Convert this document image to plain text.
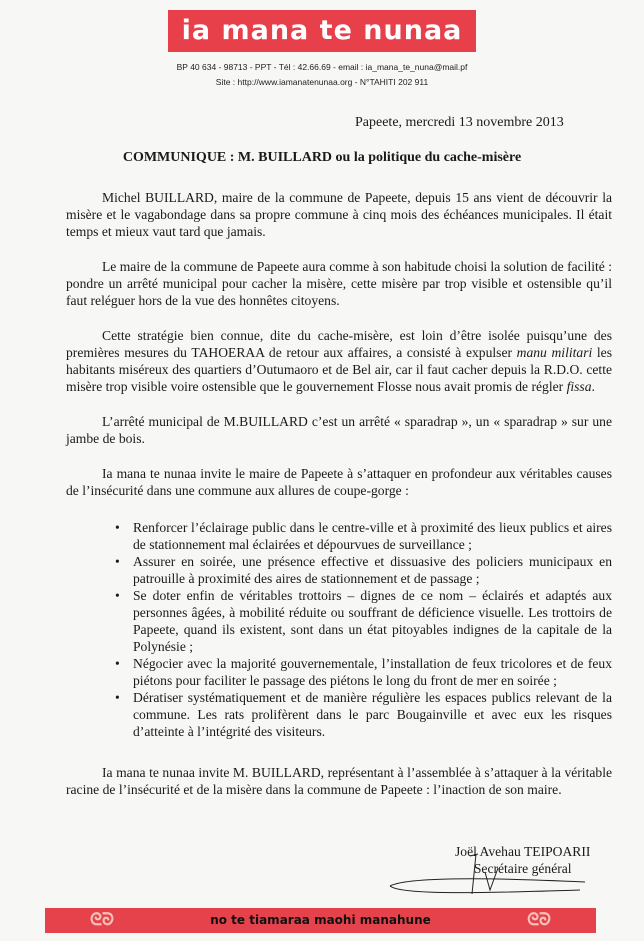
ia mana te nunaa
BP 40 634 - 98713 - PPT - Tél : 42.66.69 - email : ia_mana_te_nuna@mail.pf
Site : http://www.iamanatenunaa.org - N°TAHITI 202 911
Papeete, mercredi 13 novembre 2013
COMMUNIQUE : M. BUILLARD ou la politique du cache-misère

Michel BUILLARD, maire de la commune de Papeete, depuis 15 ans vient de découvrir la misère et le vagabondage dans sa propre commune à cinq mois des échéances municipales. Il était temps et mieux vaut tard que jamais.

Le maire de la commune de Papeete aura comme à son habitude choisi la solution de facilité : pondre un arrêté municipal pour cacher la misère, cette misère par trop visible et ostensible qu’il faut reléguer hors de la vue des honnêtes citoyens.

Cette stratégie bien connue, dite du cache-misère, est loin d’être isolée puisqu’une des premières mesures du TAHOERAA de retour aux affaires, a consisté à expulser manu militari les habitants miséreux des quartiers d’Outumaoro et de Bel air, car il faut cacher depuis la R.D.O. cette misère trop visible voire ostensible que le gouvernement Flosse nous avait promis de régler fissa.

L’arrêté municipal de M.BUILLARD c’est un arrêté « sparadrap », un « sparadrap » sur une jambe de bois.

Ia mana te nunaa invite le maire de Papeete à s’attaquer en profondeur aux véritables causes de l’insécurité dans une commune aux allures de coupe-gorge :

• Renforcer l’éclairage public dans le centre-ville et à proximité des lieux publics et aires de stationnement mal éclairées et dépourvues de surveillance ;
• Assurer en soirée, une présence effective et dissuasive des policiers municipaux en patrouille à proximité des aires de stationnement et de passage ;
• Se doter enfin de véritables trottoirs – dignes de ce nom – éclairés et adaptés aux personnes âgées, à mobilité réduite ou souffrant de déficience visuelle. Les trottoirs de Papeete, quand ils existent, sont dans un état pitoyables indignes de la capitale de la Polynésie ;
• Négocier avec la majorité gouvernementale, l’installation de feux tricolores et de feux piétons pour faciliter le passage des piétons le long du front de mer en soirée ;
• Dératiser systématiquement et de manière régulière les espaces publics relevant de la commune. Les rats prolifèrent dans le parc Bougainville et avec eux les risques d’atteinte à l’intégrité des visiteurs.

Ia mana te nunaa invite M. BUILLARD, représentant à l’assemblée à s’attaquer à la véritable racine de l’insécurité et de la misère dans la commune de Papeete : l’inaction de son maire.

Joël Avehau TEIPOARII
Secrétaire général
ᘓᘐ	no te tiamaraa maohi manahune	ᘓᘐ
